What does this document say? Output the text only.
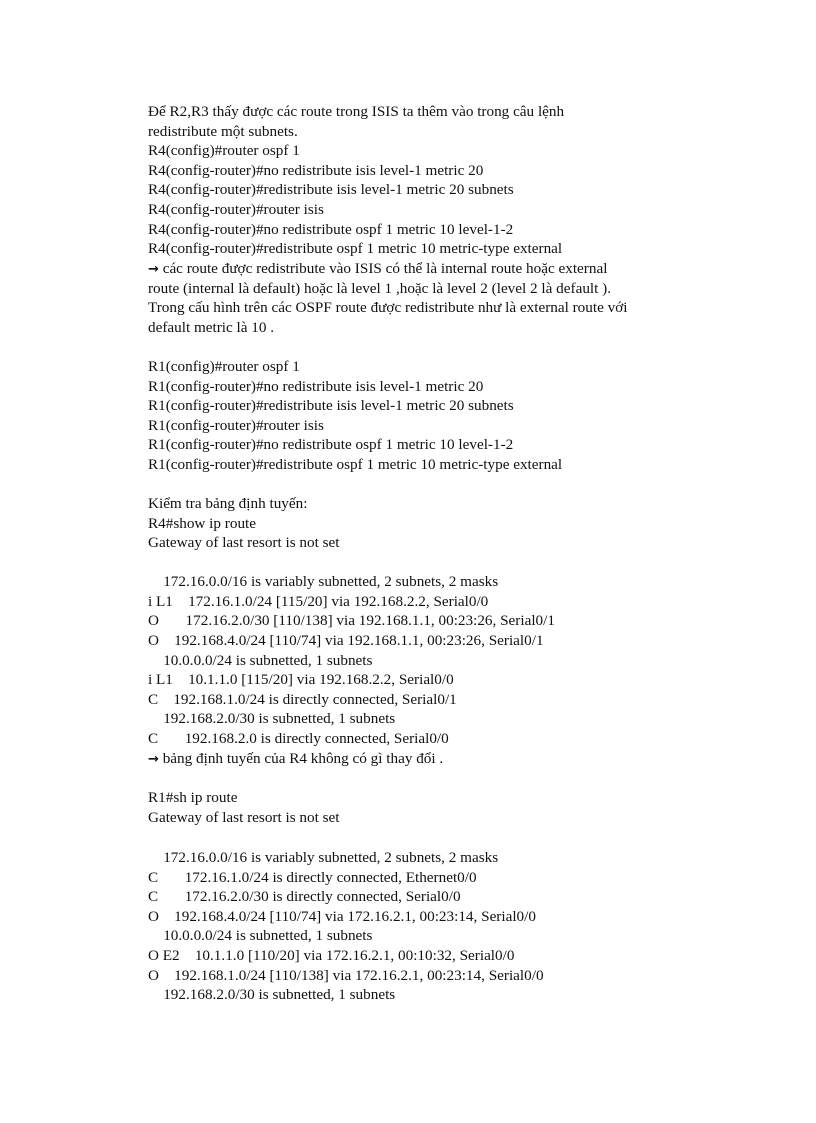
Để R2,R3 thấy được các route trong ISIS ta thêm vào trong câu lệnh
redistribute một subnets.
R4(config)#router ospf 1
R4(config-router)#no redistribute isis level-1 metric 20
R4(config-router)#redistribute isis level-1 metric 20 subnets
R4(config-router)#router isis
R4(config-router)#no redistribute ospf 1 metric 10 level-1-2
R4(config-router)#redistribute ospf 1 metric 10 metric-type external
→ các route được redistribute vào ISIS có thể là internal route hoặc external
route (internal là default) hoặc là level 1 ,hoặc là level 2 (level 2 là default ).
Trong cấu hình trên các OSPF route được redistribute như là external route với
default metric là 10 .
R1(config)#router ospf 1
R1(config-router)#no redistribute isis level-1 metric 20
R1(config-router)#redistribute isis level-1 metric 20 subnets
R1(config-router)#router isis
R1(config-router)#no redistribute ospf 1 metric 10 level-1-2
R1(config-router)#redistribute ospf 1 metric 10 metric-type external
Kiểm tra bảng định tuyến:
R4#show ip route
Gateway of last resort is not set
172.16.0.0/16 is variably subnetted, 2 subnets, 2 masks
i L1    172.16.1.0/24 [115/20] via 192.168.2.2, Serial0/0
O       172.16.2.0/30 [110/138] via 192.168.1.1, 00:23:26, Serial0/1
O    192.168.4.0/24 [110/74] via 192.168.1.1, 00:23:26, Serial0/1
10.0.0.0/24 is subnetted, 1 subnets
i L1    10.1.1.0 [115/20] via 192.168.2.2, Serial0/0
C    192.168.1.0/24 is directly connected, Serial0/1
192.168.2.0/30 is subnetted, 1 subnets
C       192.168.2.0 is directly connected, Serial0/0
→ bảng định tuyến của R4 không có gì thay đổi .
R1#sh ip route
Gateway of last resort is not set
172.16.0.0/16 is variably subnetted, 2 subnets, 2 masks
C       172.16.1.0/24 is directly connected, Ethernet0/0
C       172.16.2.0/30 is directly connected, Serial0/0
O    192.168.4.0/24 [110/74] via 172.16.2.1, 00:23:14, Serial0/0
10.0.0.0/24 is subnetted, 1 subnets
O E2    10.1.1.0 [110/20] via 172.16.2.1, 00:10:32, Serial0/0
O    192.168.1.0/24 [110/138] via 172.16.2.1, 00:23:14, Serial0/0
192.168.2.0/30 is subnetted, 1 subnets
